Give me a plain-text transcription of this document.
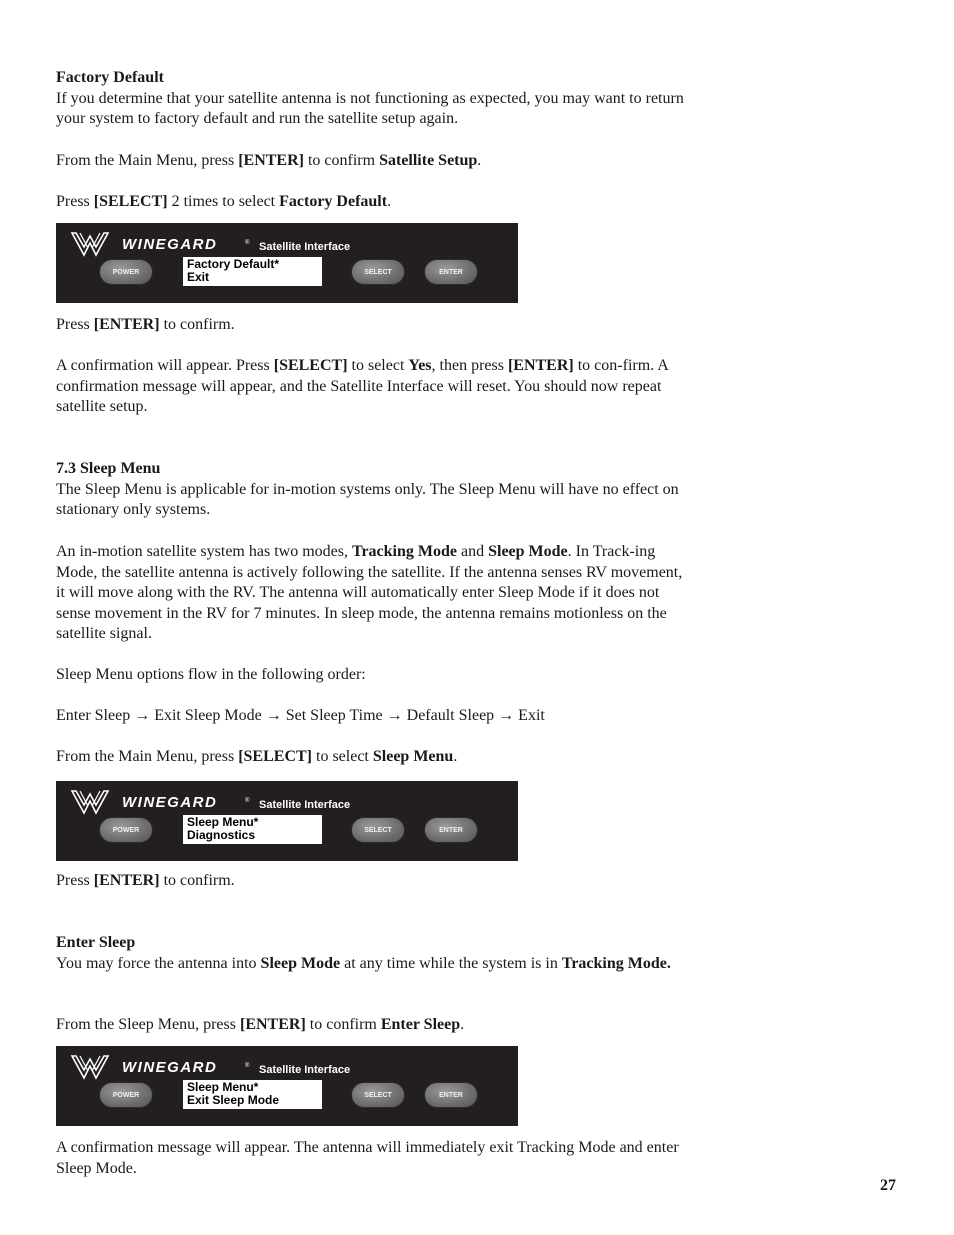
Factory Default

If you determine that your satellite antenna is not functioning as expected, you may want to return your system to factory default and run the satellite setup again.

From the Main Menu, press [ENTER] to confirm Satellite Setup.

Press [SELECT] 2 times to select Factory Default.

WINEGARD	® Satellite Interface
POWER
Factory Default*
Exit	SELECT	ENTER

Press [ENTER] to confirm.

A confirmation will appear. Press [SELECT] to select Yes, then press [ENTER] to con-firm. A confirmation message will appear, and the Satellite Interface will reset. You should now repeat satellite setup.

7.3 Sleep Menu

The Sleep Menu is applicable for in-motion systems only. The Sleep Menu will have no effect on stationary only systems.

An in-motion satellite system has two modes, Tracking Mode and Sleep Mode. In Track-ing Mode, the satellite antenna is actively following the satellite. If the antenna senses RV movement, it will move along with the RV. The antenna will automatically enter Sleep Mode if it does not sense movement in the RV for 7 minutes. In sleep mode, the antenna remains motionless on the satellite signal.

Sleep Menu options flow in the following order:

Enter Sleep → Exit Sleep Mode → Set Sleep Time → Default Sleep → Exit

From the Main Menu, press [SELECT] to select Sleep Menu.

WINEGARD	® Satellite Interface
POWER
Sleep Menu*
Diagnostics	SELECT	ENTER

Press [ENTER] to confirm.

Enter Sleep

You may force the antenna into Sleep Mode at any time while the system is in Tracking Mode.

From the Sleep Menu, press [ENTER] to confirm Enter Sleep.

WINEGARD	® Satellite Interface
POWER
Sleep Menu*
Exit Sleep Mode	SELECT	ENTER

A confirmation message will appear. The antenna will immediately exit Tracking Mode and enter Sleep Mode.

27
